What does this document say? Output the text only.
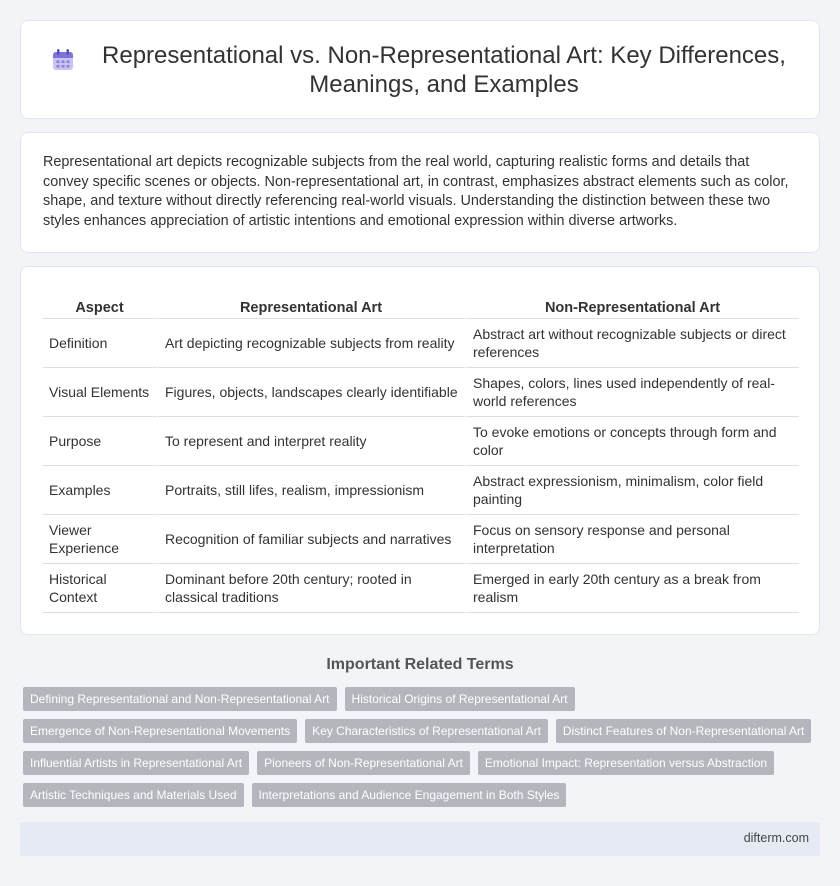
Representational vs. Non-Representational Art: Key Differences, Meanings, and Examples

Representational art depicts recognizable subjects from the real world, capturing realistic forms and details that convey specific scenes or objects. Non-representational art, in contrast, emphasizes abstract elements such as color, shape, and texture without directly referencing real-world visuals. Understanding the distinction between these two styles enhances appreciation of artistic intentions and emotional expression within diverse artworks.

Aspect	Representational Art	Non-Representational Art
Definition	Art depicting recognizable subjects from reality	Abstract art without recognizable subjects or direct references
Visual Elements	Figures, objects, landscapes clearly identifiable	Shapes, colors, lines used independently of real-world references
Purpose	To represent and interpret reality	To evoke emotions or concepts through form and color
Examples	Portraits, still lifes, realism, impressionism	Abstract expressionism, minimalism, color field painting
Viewer Experience	Recognition of familiar subjects and narratives	Focus on sensory response and personal interpretation
Historical Context	Dominant before 20th century; rooted in classical traditions	Emerged in early 20th century as a break from realism
Important Related Terms
Defining Representational and Non-Representational Art	Historical Origins of Representational Art
Emergence of Non-Representational Movements	Key Characteristics of Representational Art	Distinct Features of Non-Representational Art
Influential Artists in Representational Art	Pioneers of Non-Representational Art	Emotional Impact: Representation versus Abstraction
Artistic Techniques and Materials Used	Interpretations and Audience Engagement in Both Styles
difterm.com
